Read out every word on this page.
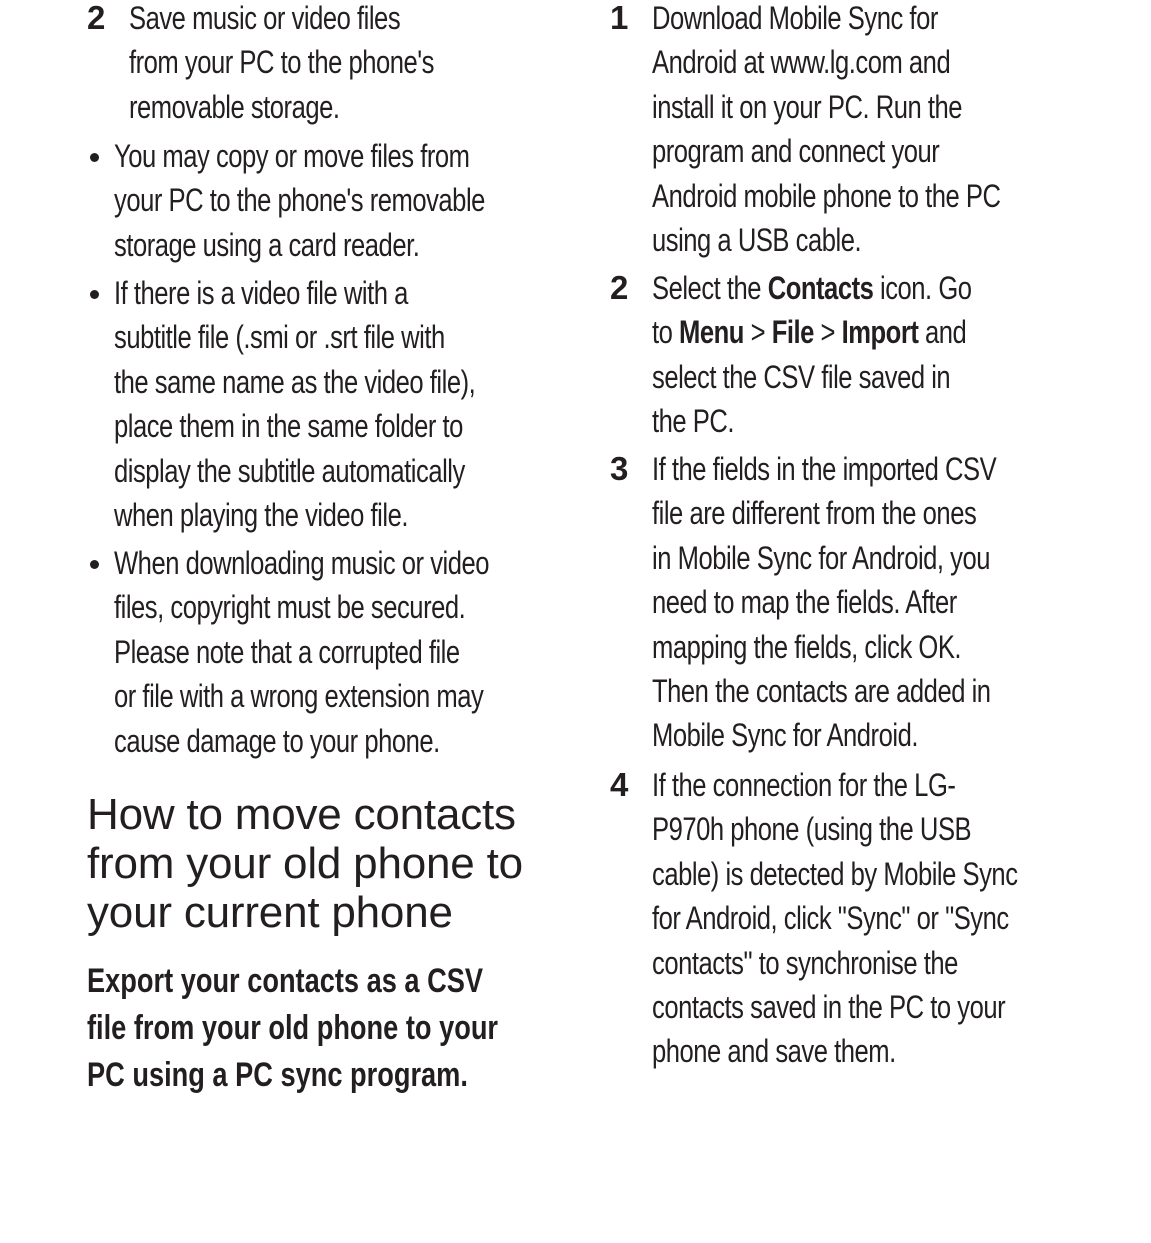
2 Save music or video files
from your PC to the phone's
removable storage.
You may copy or move files from
your PC to the phone's removable
storage using a card reader.
If there is a video file with a
subtitle file (.smi or .srt file with
the same name as the video file),
place them in the same folder to
display the subtitle automatically
when playing the video file.
When downloading music or video
files, copyright must be secured.
Please note that a corrupted file
or file with a wrong extension may
cause damage to your phone.
How to move contacts
from your old phone to
your current phone
Export your contacts as a CSV
file from your old phone to your
PC using a PC sync program.
1 Download Mobile Sync for
Android at www.lg.com and
install it on your PC. Run the
program and connect your
Android mobile phone to the PC
using a USB cable.
2 Select the Contacts icon. Go
to Menu > File > Import and
select the CSV file saved in
the PC.
3 If the fields in the imported CSV
file are different from the ones
in Mobile Sync for Android, you
need to map the fields. After
mapping the fields, click OK.
Then the contacts are added in
Mobile Sync for Android.
4 If the connection for the LG-
P970h phone (using the USB
cable) is detected by Mobile Sync
for Android, click "Sync" or "Sync
contacts" to synchronise the
contacts saved in the PC to your
phone and save them.
